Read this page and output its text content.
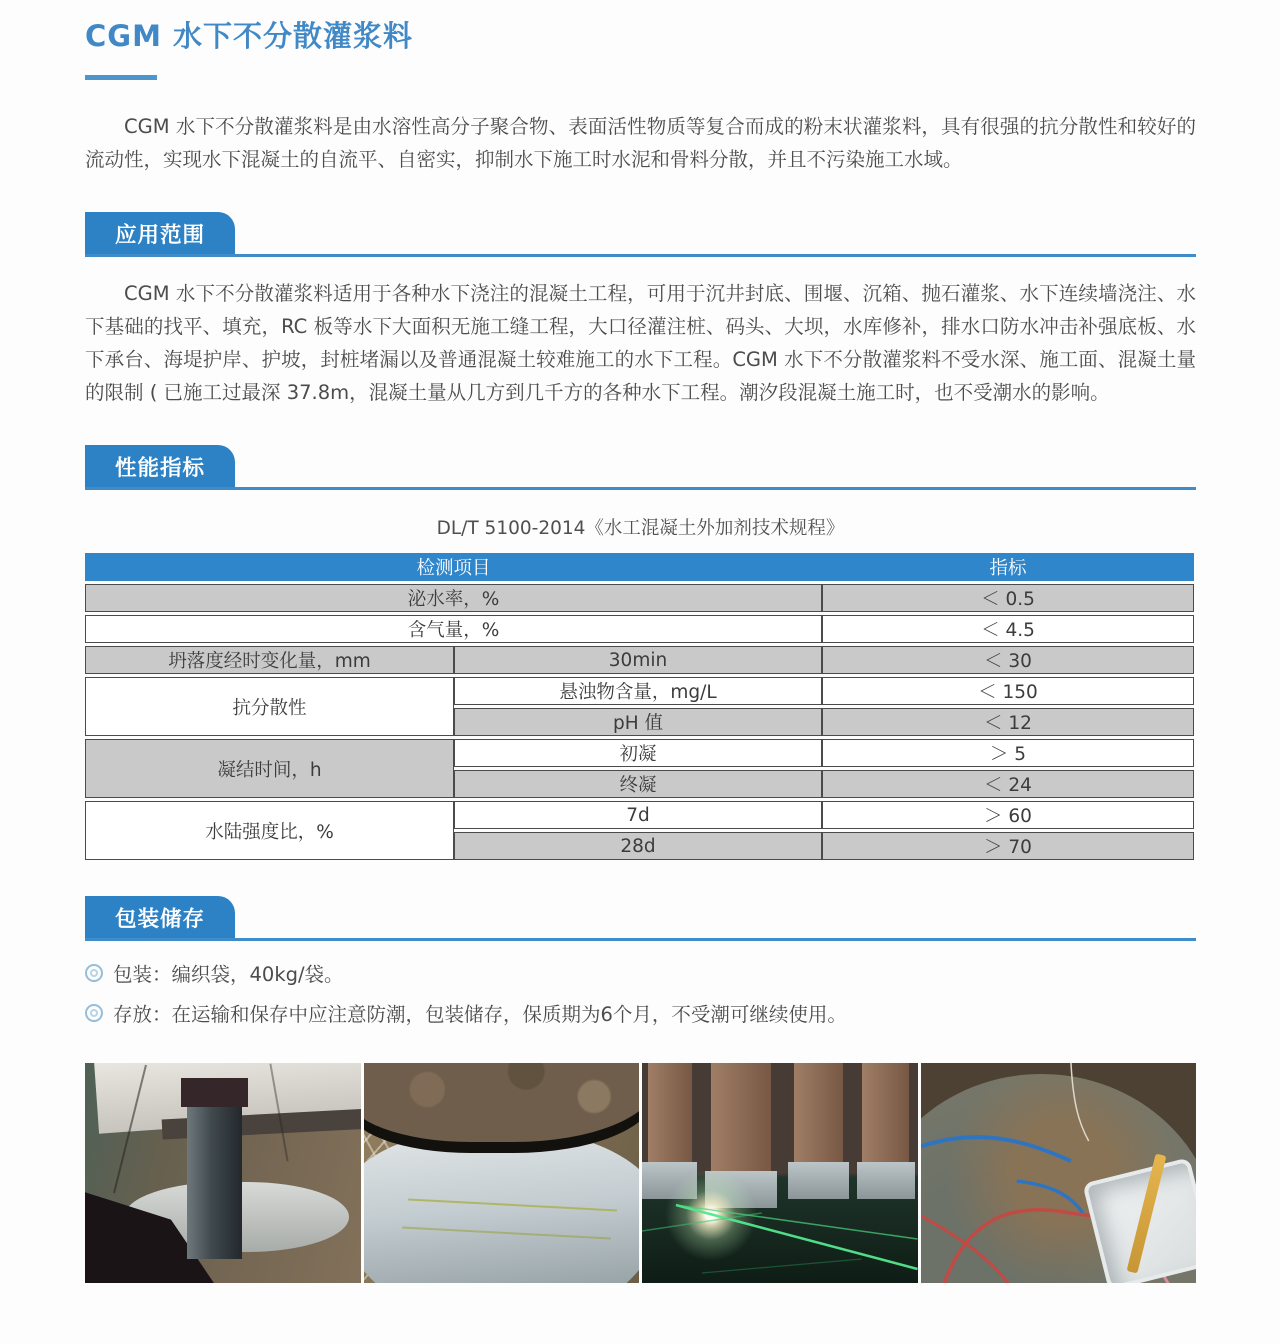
CGM 水下不分散灌浆料

CGM 水下不分散灌浆料是由水溶性高分子聚合物、表面活性物质等复合而成的粉末状灌浆料，具有很强的抗分散性和较好的流动性，实现水下混凝土的自流平、自密实，抑制水下施工时水泥和骨料分散，并且不污染施工水域。

应用范围

CGM 水下不分散灌浆料适用于各种水下浇注的混凝土工程，可用于沉井封底、围堰、沉箱、抛石灌浆、水下连续墙浇注、水下基础的找平、填充，RC 板等水下大面积无施工缝工程，大口径灌注桩、码头、大坝，水库修补，排水口防水冲击补强底板、水下承台、海堤护岸、护坡，封桩堵漏以及普通混凝土较难施工的水下工程。CGM 水下不分散灌浆料不受水深、施工面、混凝土量的限制 ( 已施工过最深 37.8m，混凝土量从几方到几千方的各种水下工程。潮汐段混凝土施工时，也不受潮水的影响。

性能指标

DL/T 5100-2014《水工混凝土外加剂技术规程》

检测项目	指标
泌水率，%	＜ 0.5
含气量，%	＜ 4.5
坍落度经时变化量，mm	30min	＜ 30
抗分散性
悬浊物含量，mg/L	＜ 150
pH 值	＜ 12
凝结时间，h
初凝	＞ 5
终凝	＜ 24
水陆强度比，%
7d	＞ 60
28d	＞ 70
包装储存
包装：编织袋，40kg/袋。
存放：在运输和保存中应注意防潮，包装储存，保质期为6个月，不受潮可继续使用。
